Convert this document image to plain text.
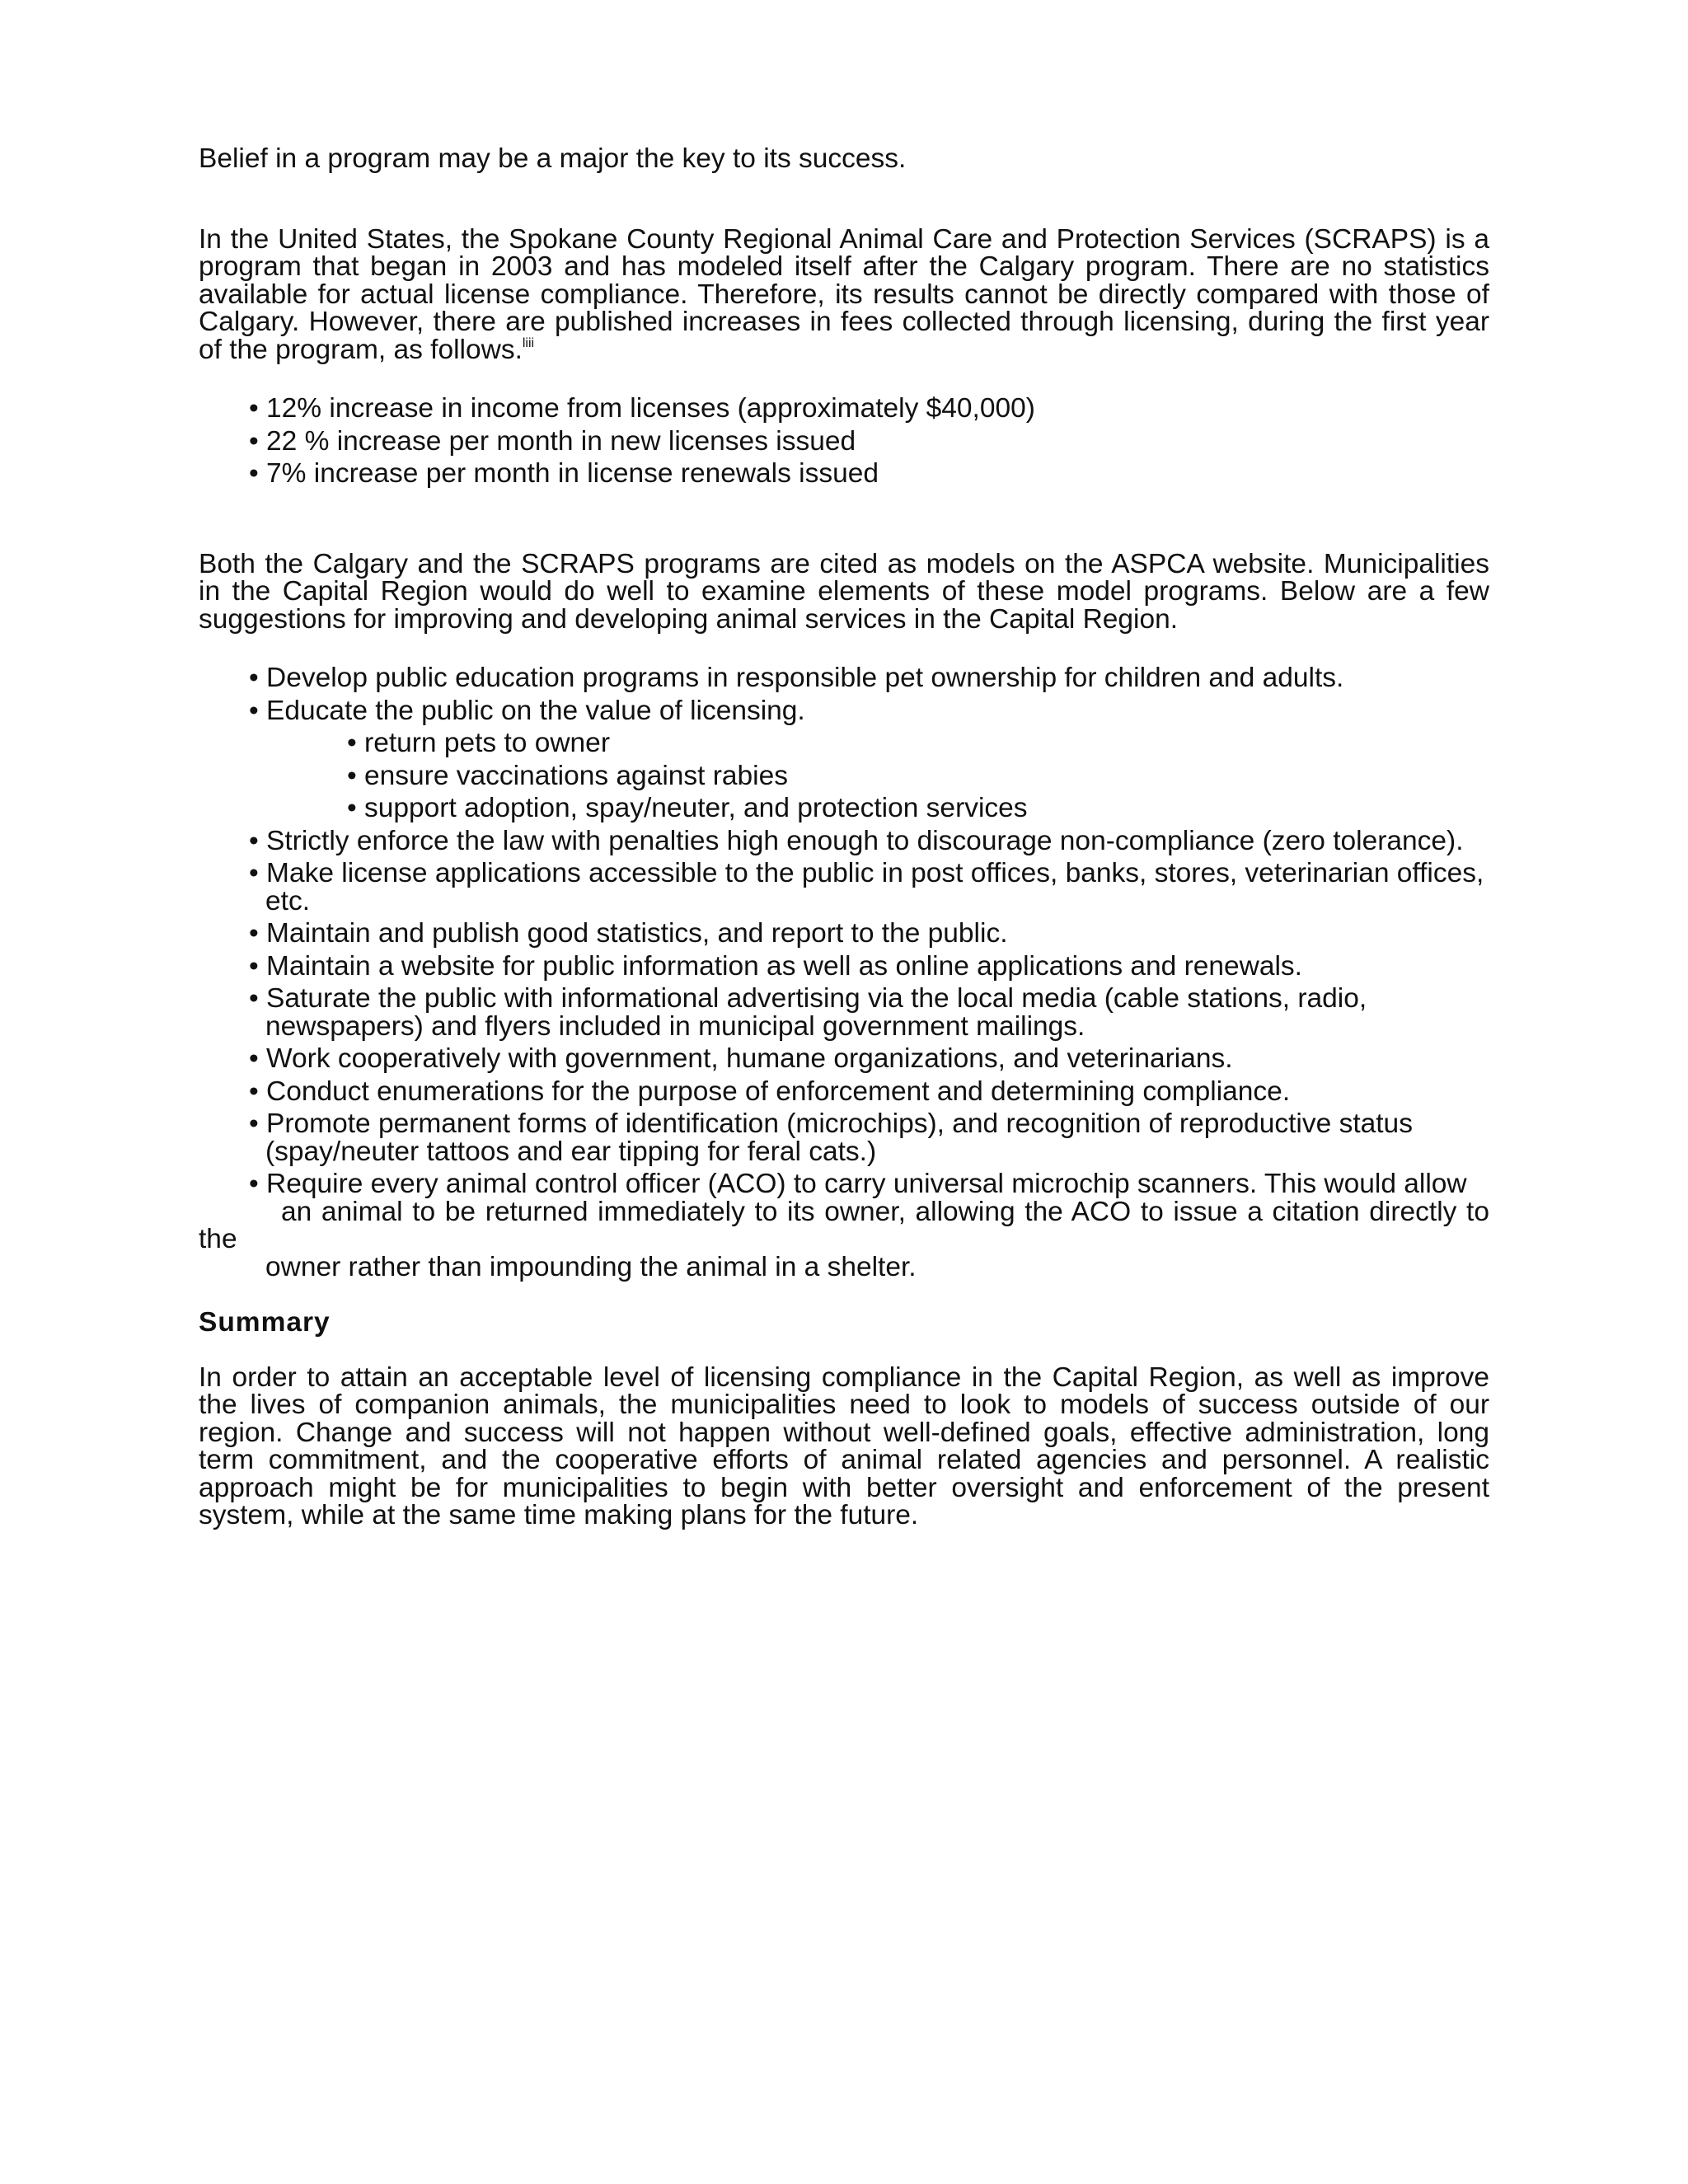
Belief in a program may be a major the key to its success.

In the United States, the Spokane County Regional Animal Care and Protection Services (SCRAPS) is a program that began in 2003 and has modeled itself after the Calgary program. There are no statistics available for actual license compliance. Therefore, its results cannot be directly compared with those of Calgary. However, there are published increases in fees collected through licensing, during the first year of the program, as follows.$^{liii}$

• 12% increase in income from licenses (approximately $40,000)
• 22 % increase per month in new licenses issued
• 7% increase per month in license renewals issued

Both the Calgary and the SCRAPS programs are cited as models on the ASPCA website. Municipalities in the Capital Region would do well to examine elements of these model programs. Below are a few suggestions for improving and developing animal services in the Capital Region.

• Develop public education programs in responsible pet ownership for children and adults.
• Educate the public on the value of licensing.
• return pets to owner
• ensure vaccinations against rabies
• support adoption, spay/neuter, and protection services
• Strictly enforce the law with penalties high enough to discourage non-compliance (zero tolerance).
• Make license applications accessible to the public in post offices, banks, stores, veterinarian offices,
etc.
• Maintain and publish good statistics, and report to the public.
• Maintain a website for public information as well as online applications and renewals.
• Saturate the public with informational advertising via the local media (cable stations, radio,
newspapers) and flyers included in municipal government mailings.
• Work cooperatively with government, humane organizations, and veterinarians.
• Conduct enumerations for the purpose of enforcement and determining compliance.
• Promote permanent forms of identification (microchips), and recognition of reproductive status
(spay/neuter tattoos and ear tipping for feral cats.)
• Require every animal control officer (ACO) to carry universal microchip scanners. This would allow
an animal to be returned immediately to its owner, allowing the ACO to issue a citation directly to
the
owner rather than impounding the animal in a shelter.
Summary

In order to attain an acceptable level of licensing compliance in the Capital Region, as well as improve the lives of companion animals, the municipalities need to look to models of success outside of our region. Change and success will not happen without well-defined goals, effective administration, long term commitment, and the cooperative efforts of animal related agencies and personnel. A realistic approach might be for municipalities to begin with better oversight and enforcement of the present system, while at the same time making plans for the future.
